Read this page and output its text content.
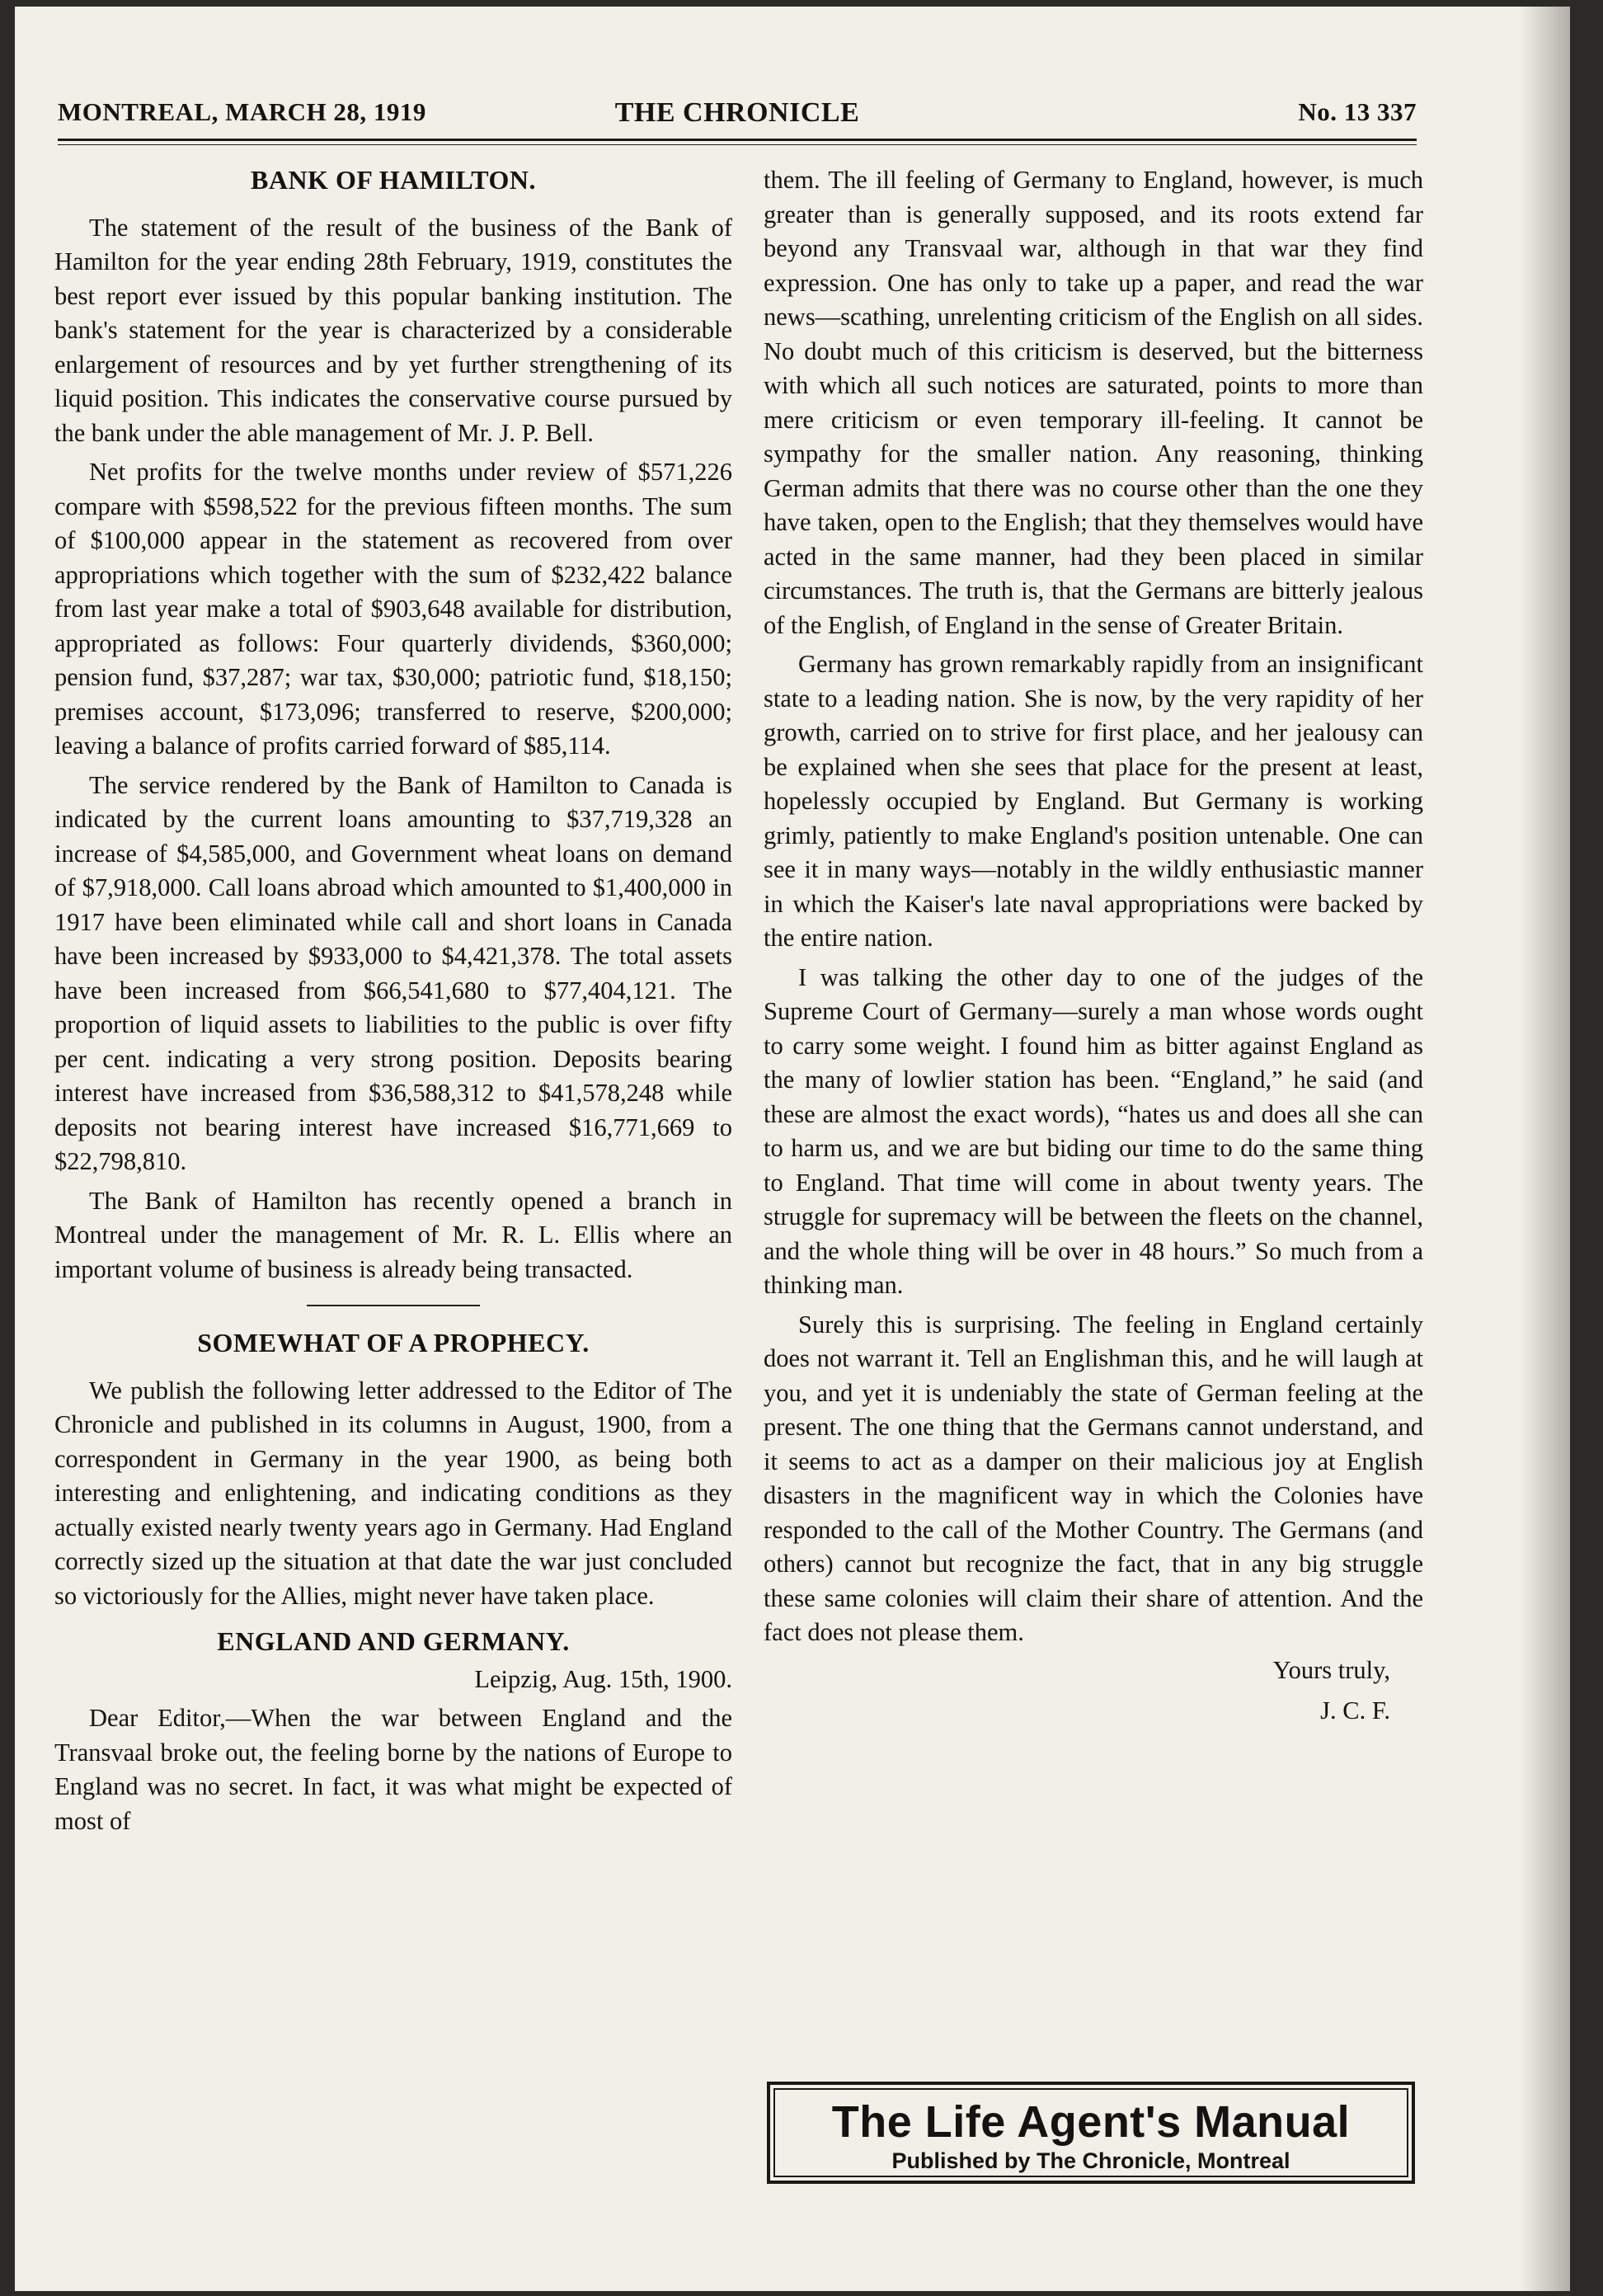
MONTREAL, MARCH 28, 1919	THE CHRONICLE	No. 13 337
BANK OF HAMILTON.

The statement of the result of the business of the Bank of Hamilton for the year ending 28th February, 1919, constitutes the best report ever issued by this popular banking institution. The bank's statement for the year is characterized by a considerable enlargement of resources and by yet further strengthening of its liquid position. This indicates the conservative course pursued by the bank under the able management of Mr. J. P. Bell.

Net profits for the twelve months under review of $571,226 compare with $598,522 for the previous fifteen months. The sum of $100,000 appear in the statement as recovered from over appropriations which together with the sum of $232,422 balance from last year make a total of $903,648 available for distribution, appropriated as follows: Four quarterly dividends, $360,000; pension fund, $37,287; war tax, $30,000; patriotic fund, $18,150; premises account, $173,096; transferred to reserve, $200,000; leaving a balance of profits carried forward of $85,114.

The service rendered by the Bank of Hamilton to Canada is indicated by the current loans amounting to $37,719,328 an increase of $4,585,000, and Government wheat loans on demand of $7,918,000. Call loans abroad which amounted to $1,400,000 in 1917 have been eliminated while call and short loans in Canada have been increased by $933,000 to $4,421,378. The total assets have been increased from $66,541,680 to $77,404,121. The proportion of liquid assets to liabilities to the public is over fifty per cent. indicating a very strong position. Deposits bearing interest have increased from $36,588,312 to $41,578,248 while deposits not bearing interest have increased $16,771,669 to $22,798,810.

The Bank of Hamilton has recently opened a branch in Montreal under the management of Mr. R. L. Ellis where an important volume of business is already being transacted.

SOMEWHAT OF A PROPHECY.

We publish the following letter addressed to the Editor of The Chronicle and published in its columns in August, 1900, from a correspondent in Germany in the year 1900, as being both interesting and enlightening, and indicating conditions as they actually existed nearly twenty years ago in Germany. Had England correctly sized up the situation at that date the war just concluded so victoriously for the Allies, might never have taken place.

ENGLAND AND GERMANY.
Leipzig, Aug. 15th, 1900.

Dear Editor,—When the war between England and the Transvaal broke out, the feeling borne by the nations of Europe to England was no secret. In fact, it was what might be expected of most of

them. The ill feeling of Germany to England, however, is much greater than is generally supposed, and its roots extend far beyond any Transvaal war, although in that war they find expression. One has only to take up a paper, and read the war news—scathing, unrelenting criticism of the English on all sides. No doubt much of this criticism is deserved, but the bitterness with which all such notices are saturated, points to more than mere criticism or even temporary ill-feeling. It cannot be sympathy for the smaller nation. Any reasoning, thinking German admits that there was no course other than the one they have taken, open to the English; that they themselves would have acted in the same manner, had they been placed in similar circumstances. The truth is, that the Germans are bitterly jealous of the English, of England in the sense of Greater Britain.

Germany has grown remarkably rapidly from an insignificant state to a leading nation. She is now, by the very rapidity of her growth, carried on to strive for first place, and her jealousy can be explained when she sees that place for the present at least, hopelessly occupied by England. But Germany is working grimly, patiently to make England's position untenable. One can see it in many ways—notably in the wildly enthusiastic manner in which the Kaiser's late naval appropriations were backed by the entire nation.

I was talking the other day to one of the judges of the Supreme Court of Germany—surely a man whose words ought to carry some weight. I found him as bitter against England as the many of lowlier station has been. “England,” he said (and these are almost the exact words), “hates us and does all she can to harm us, and we are but biding our time to do the same thing to England. That time will come in about twenty years. The struggle for supremacy will be between the fleets on the channel, and the whole thing will be over in 48 hours.” So much from a thinking man.

Surely this is surprising. The feeling in England certainly does not warrant it. Tell an Englishman this, and he will laugh at you, and yet it is undeniably the state of German feeling at the present. The one thing that the Germans cannot understand, and it seems to act as a damper on their malicious joy at English disasters in the magnificent way in which the Colonies have responded to the call of the Mother Country. The Germans (and others) cannot but recognize the fact, that in any big struggle these same colonies will claim their share of attention. And the fact does not please them.

Yours truly,
J. C. F.
The Life Agent's Manual
Published by The Chronicle, Montreal
